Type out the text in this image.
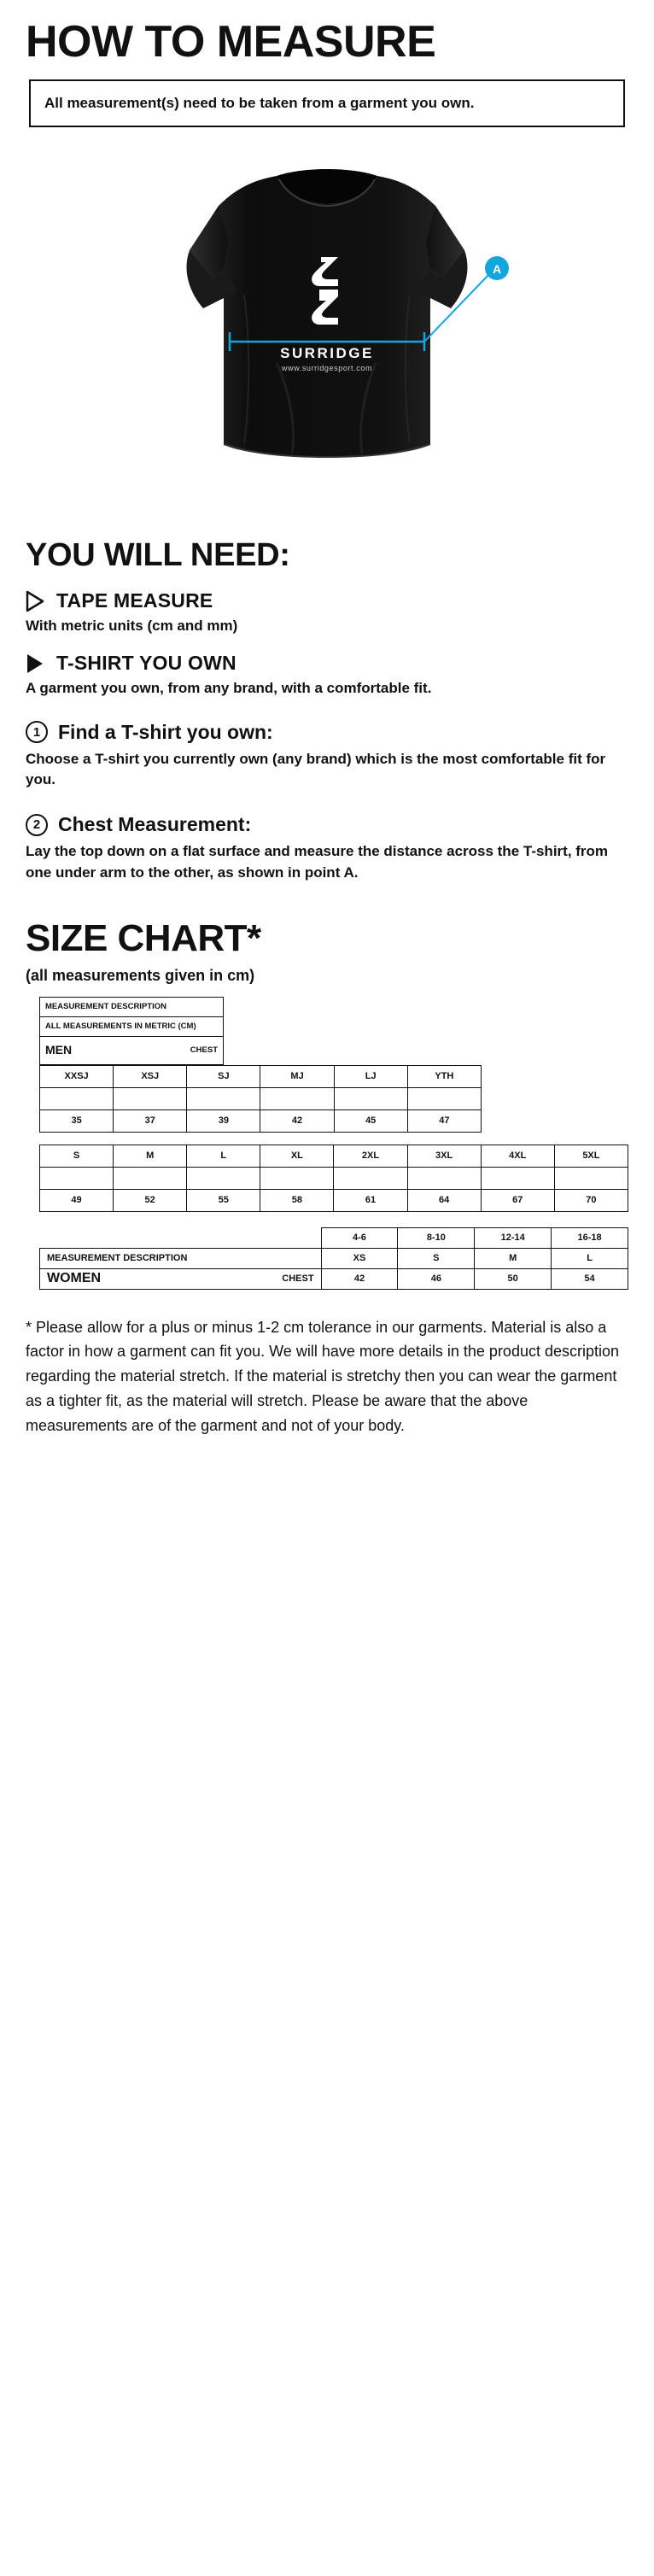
HOW TO MEASURE
All measurement(s) need to be taken from a garment you own.
SURRIDGE
www.surridgesport.com
A
YOU WILL NEED:
TAPE MEASURE
With metric units (cm and mm)
T-SHIRT YOU OWN
A garment you own, from any brand, with a comfortable fit.
1 Find a T-shirt you own:
Choose a T-shirt you currently own (any brand) which is the most comfortable fit for you.
2 Chest Measurement:
Lay the top down on a flat surface and measure the distance across the T-shirt, from one under arm to the other, as shown in point A.
SIZE CHART*
(all measurements given in cm)
MEASUREMENT DESCRIPTION
ALL MEASUREMENTS IN METRIC (CM)
MEN	CHEST
XXSJ	XSJ	SJ	MJ	LJ	YTH

35	37	39	42	45	47
S	M	L	XL	2XL	3XL	4XL	5XL

49	52	55	58	61	64	67	70
	4-6	8-10	12-14	16-18
MEASUREMENT DESCRIPTION	XS	S	M	L
WOMEN CHEST	42	46	50	54
* Please allow for a plus or minus 1-2 cm tolerance in our garments. Material is also a factor in how a garment can fit you. We will have more details in the product description regarding the material stretch. If the material is stretchy then you can wear the garment as a tighter fit, as the material will stretch. Please be aware that the above measurements are of the garment and not of your body.
